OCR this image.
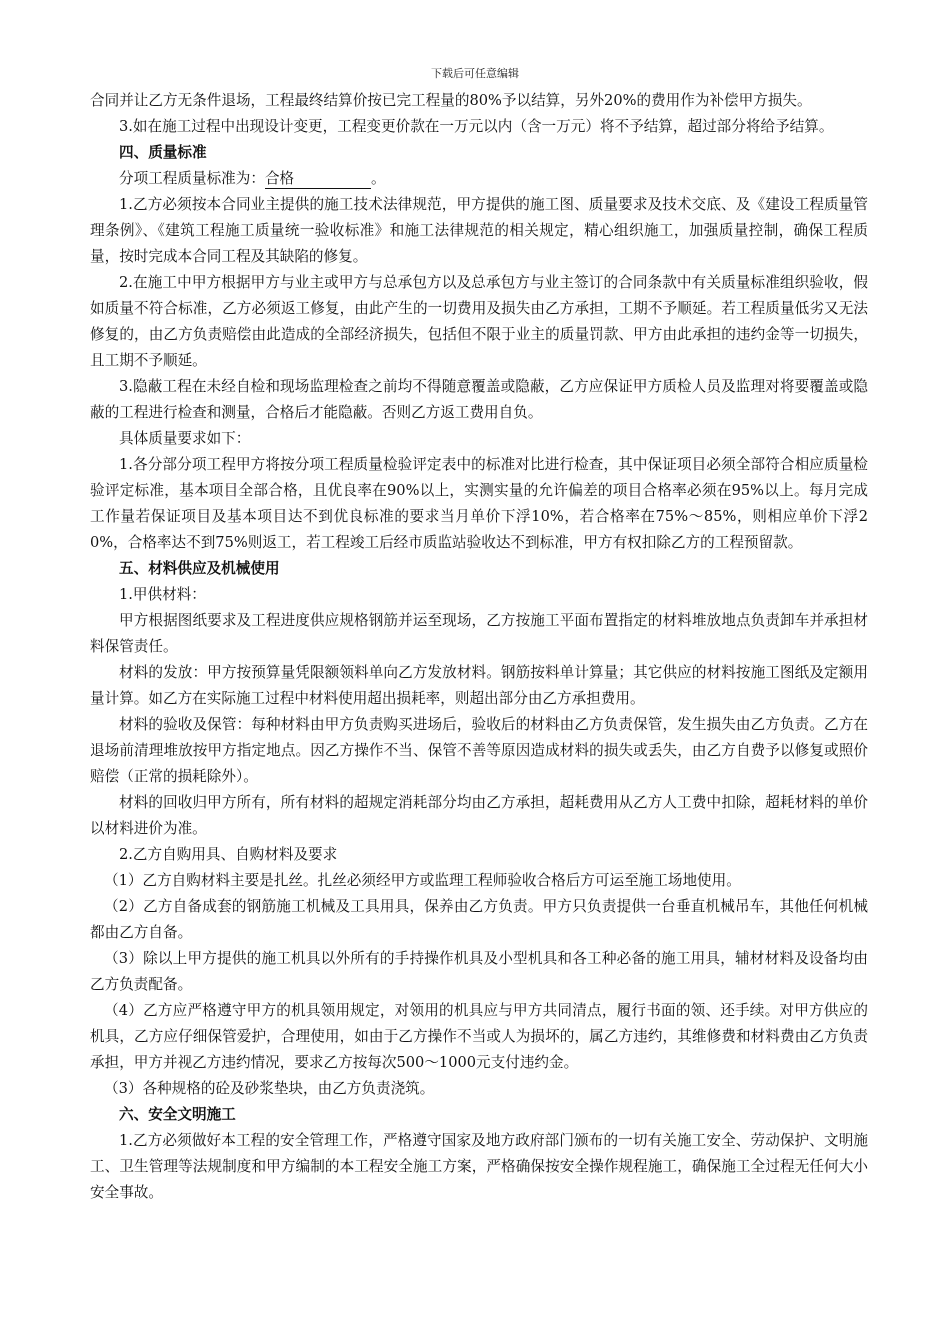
下载后可任意编辑

合同并让乙方无条件退场，工程最终结算价按已完工程量的80%予以结算，另外20%的费用作为补偿甲方损失。

3.如在施工过程中出现设计变更，工程变更价款在一万元以内（含一万元）将不予结算，超过部分将给予结算。

四、质量标准

分项工程质量标准为：合格	。

1.乙方必须按本合同业主提供的施工技术法律规范，甲方提供的施工图、质量要求及技术交底、及《建设工程质量管理条例》、《建筑工程施工质量统一验收标准》和施工法律规范的相关规定，精心组织施工，加强质量控制，确保工程质量，按时完成本合同工程及其缺陷的修复。

2.在施工中甲方根据甲方与业主或甲方与总承包方以及总承包方与业主签订的合同条款中有关质量标准组织验收，假如质量不符合标准，乙方必须返工修复，由此产生的一切费用及损失由乙方承担，工期不予顺延。若工程质量低劣又无法修复的，由乙方负责赔偿由此造成的全部经济损失，包括但不限于业主的质量罚款、甲方由此承担的违约金等一切损失，且工期不予顺延。

3.隐蔽工程在未经自检和现场监理检查之前均不得随意覆盖或隐蔽，乙方应保证甲方质检人员及监理对将要覆盖或隐蔽的工程进行检查和测量，合格后才能隐蔽。否则乙方返工费用自负。

具体质量要求如下：

1.各分部分项工程甲方将按分项工程质量检验评定表中的标准对比进行检查，其中保证项目必须全部符合相应质量检验评定标准，基本项目全部合格，且优良率在90%以上，实测实量的允许偏差的项目合格率必须在95%以上。每月完成工作量若保证项目及基本项目达不到优良标准的要求当月单价下浮10%，若合格率在75%～85%，则相应单价下浮20%，合格率达不到75%则返工，若工程竣工后经市质监站验收达不到标准，甲方有权扣除乙方的工程预留款。

五、材料供应及机械使用

1.甲供材料：

甲方根据图纸要求及工程进度供应规格钢筋并运至现场，乙方按施工平面布置指定的材料堆放地点负责卸车并承担材料保管责任。

材料的发放：甲方按预算量凭限额领料单向乙方发放材料。钢筋按料单计算量；其它供应的材料按施工图纸及定额用量计算。如乙方在实际施工过程中材料使用超出损耗率，则超出部分由乙方承担费用。

材料的验收及保管：每种材料由甲方负责购买进场后，验收后的材料由乙方负责保管，发生损失由乙方负责。乙方在退场前清理堆放按甲方指定地点。因乙方操作不当、保管不善等原因造成材料的损失或丢失，由乙方自费予以修复或照价赔偿（正常的损耗除外）。

材料的回收归甲方所有，所有材料的超规定消耗部分均由乙方承担，超耗费用从乙方人工费中扣除，超耗材料的单价以材料进价为准。

2.乙方自购用具、自购材料及要求

（1）乙方自购材料主要是扎丝。扎丝必须经甲方或监理工程师验收合格后方可运至施工场地使用。

（2）乙方自备成套的钢筋施工机械及工具用具，保养由乙方负责。甲方只负责提供一台垂直机械吊车，其他任何机械都由乙方自备。

（3）除以上甲方提供的施工机具以外所有的手持操作机具及小型机具和各工种必备的施工用具，辅材材料及设备均由乙方负责配备。

（4）乙方应严格遵守甲方的机具领用规定，对领用的机具应与甲方共同清点，履行书面的领、还手续。对甲方供应的机具，乙方应仔细保管爱护，合理使用，如由于乙方操作不当或人为损坏的，属乙方违约，其维修费和材料费由乙方负责承担，甲方并视乙方违约情况，要求乙方按每次500～1000元支付违约金。

（3）各种规格的砼及砂浆垫块，由乙方负责浇筑。

六、安全文明施工

1.乙方必须做好本工程的安全管理工作，严格遵守国家及地方政府部门颁布的一切有关施工安全、劳动保护、文明施工、卫生管理等法规制度和甲方编制的本工程安全施工方案，严格确保按安全操作规程施工，确保施工全过程无任何大小安全事故。
